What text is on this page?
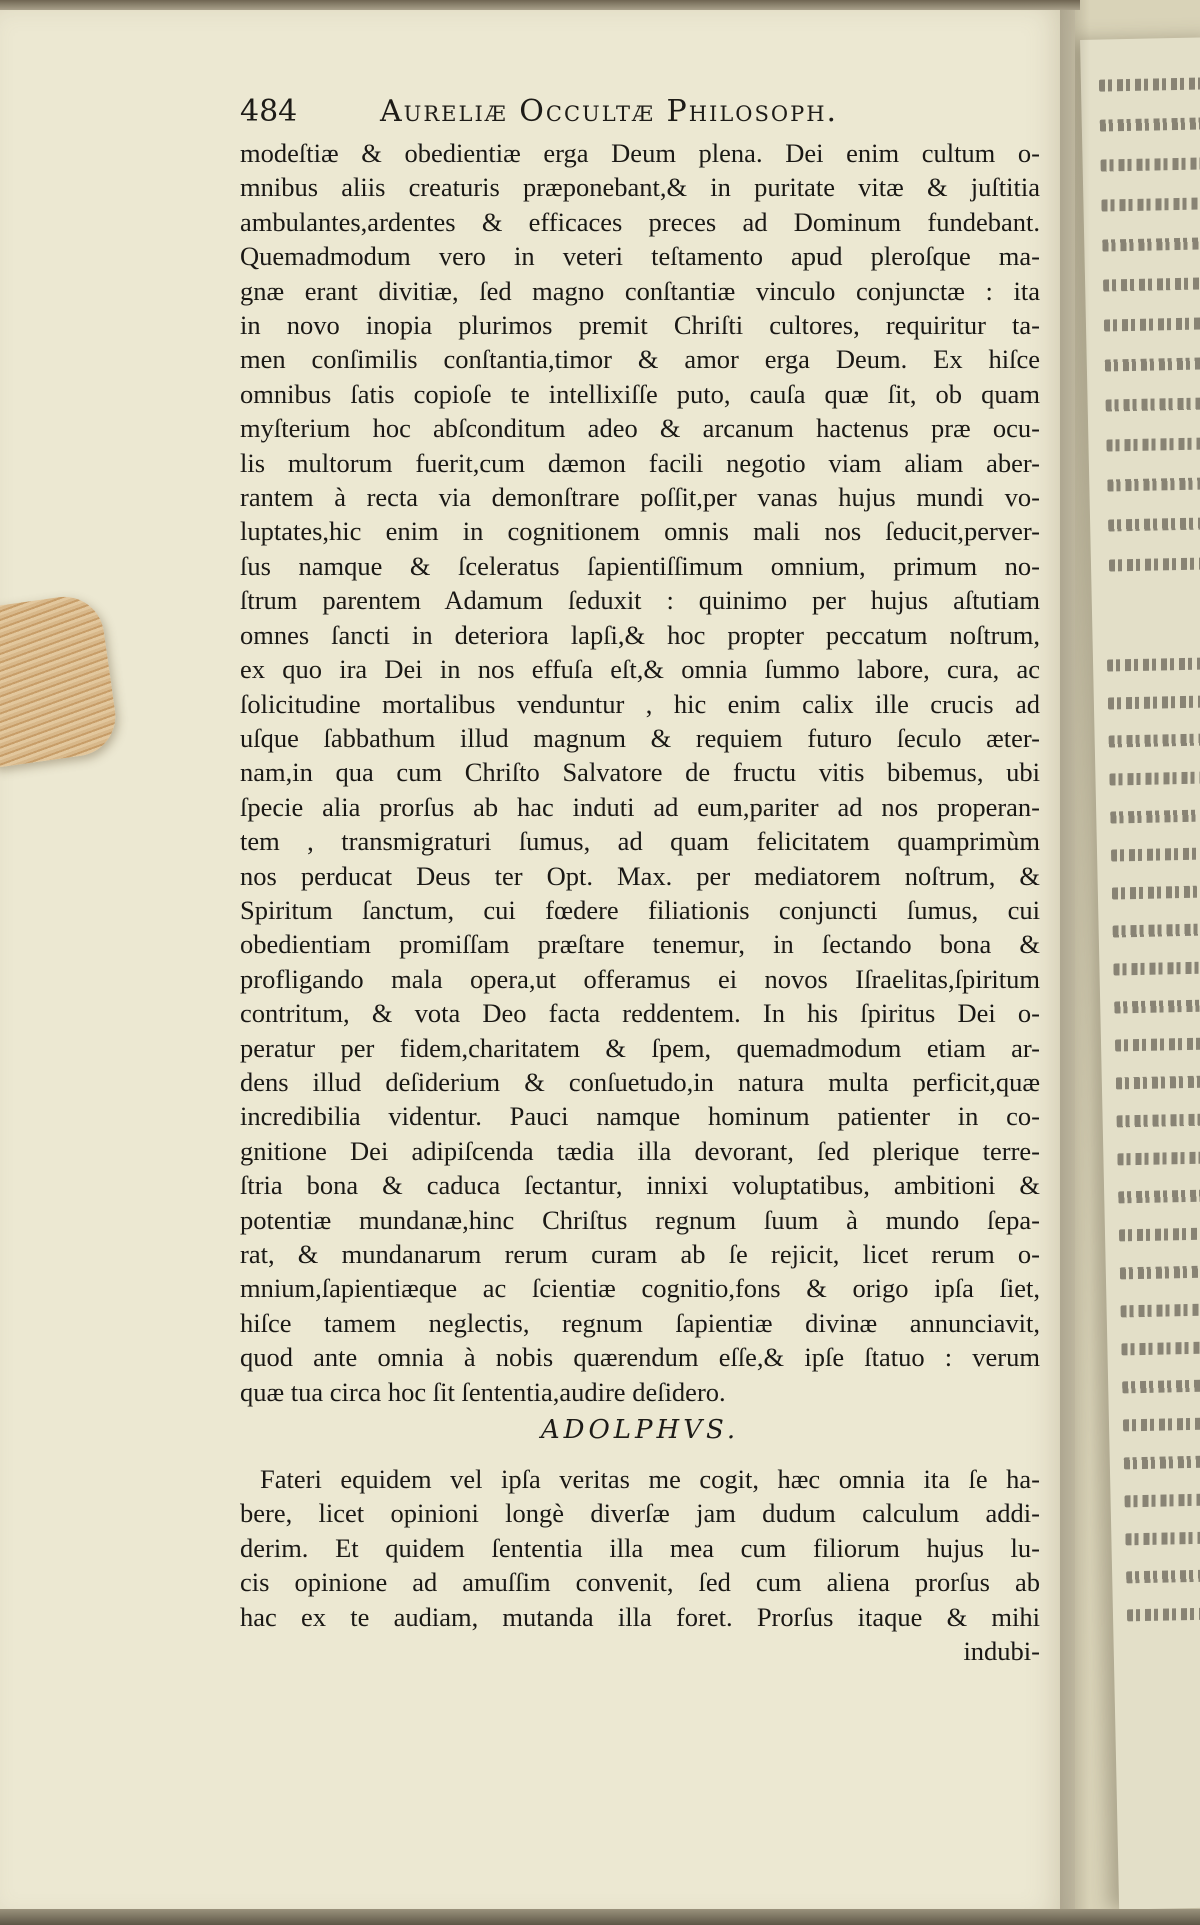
484	Aureliæ Occultæ Philosoph.
modeſtiæ & obedientiæ erga Deum plena. Dei enim cultum o-
mnibus aliis creaturis præponebant,& in puritate vitæ & juſtitia
ambulantes,ardentes & efficaces preces ad Dominum fundebant.
Quemadmodum vero in veteri teſtamento apud pleroſque ma-
gnæ erant divitiæ, ſed magno conſtantiæ vinculo conjunctæ : ita
in novo inopia plurimos premit Chriſti cultores, requiritur ta-
men conſimilis conſtantia,timor & amor erga Deum. Ex hiſce
omnibus ſatis copioſe te intellixiſſe puto, cauſa quæ ſit, ob quam
myſterium hoc abſconditum adeo & arcanum hactenus præ ocu-
lis multorum fuerit,cum dæmon facili negotio viam aliam aber-
rantem à recta via demonſtrare poſſit,per vanas hujus mundi vo-
luptates,hic enim in cognitionem omnis mali nos ſeducit,perver-
ſus namque & ſceleratus ſapientiſſimum omnium, primum no-
ſtrum parentem Adamum ſeduxit : quinimo per hujus aſtutiam
omnes ſancti in deteriora lapſi,& hoc propter peccatum noſtrum,
ex quo ira Dei in nos effuſa eſt,& omnia ſummo labore, cura, ac
ſolicitudine mortalibus venduntur , hic enim calix ille crucis ad
uſque ſabbathum illud magnum & requiem futuro ſeculo æter-
nam,in qua cum Chriſto Salvatore de fructu vitis bibemus, ubi
ſpecie alia prorſus ab hac induti ad eum,pariter ad nos properan-
tem , transmigraturi ſumus, ad quam felicitatem quamprimùm
nos perducat Deus ter Opt. Max. per mediatorem noſtrum, &
Spiritum ſanctum, cui fœdere filiationis conjuncti ſumus, cui
obedientiam promiſſam præſtare tenemur, in ſectando bona &
profligando mala opera,ut offeramus ei novos Iſraelitas,ſpiritum
contritum, & vota Deo facta reddentem. In his ſpiritus Dei o-
peratur per fidem,charitatem & ſpem, quemadmodum etiam ar-
dens illud deſiderium & conſuetudo,in natura multa perficit,quæ
incredibilia videntur. Pauci namque hominum patienter in co-
gnitione Dei adipiſcenda tædia illa devorant, ſed plerique terre-
ſtria bona & caduca ſectantur, innixi voluptatibus, ambitioni &
potentiæ mundanæ,hinc Chriſtus regnum ſuum à mundo ſepa-
rat, & mundanarum rerum curam ab ſe rejicit, licet rerum o-
mnium,ſapientiæque ac ſcientiæ cognitio,fons & origo ipſa ſiet,
hiſce tamem neglectis, regnum ſapientiæ divinæ annunciavit,
quod ante omnia à nobis quærendum eſſe,& ipſe ſtatuo : verum
quæ tua circa hoc ſit ſententia,audire deſidero.
ADOLPHVS.
Fateri equidem vel ipſa veritas me cogit, hæc omnia ita ſe ha-
bere, licet opinioni longè diverſæ jam dudum calculum addi-
derim. Et quidem ſententia illa mea cum filiorum hujus lu-
cis opinione ad amuſſim convenit, ſed cum aliena prorſus ab
hac ex te audiam, mutanda illa foret. Prorſus itaque & mihi
indubi-
